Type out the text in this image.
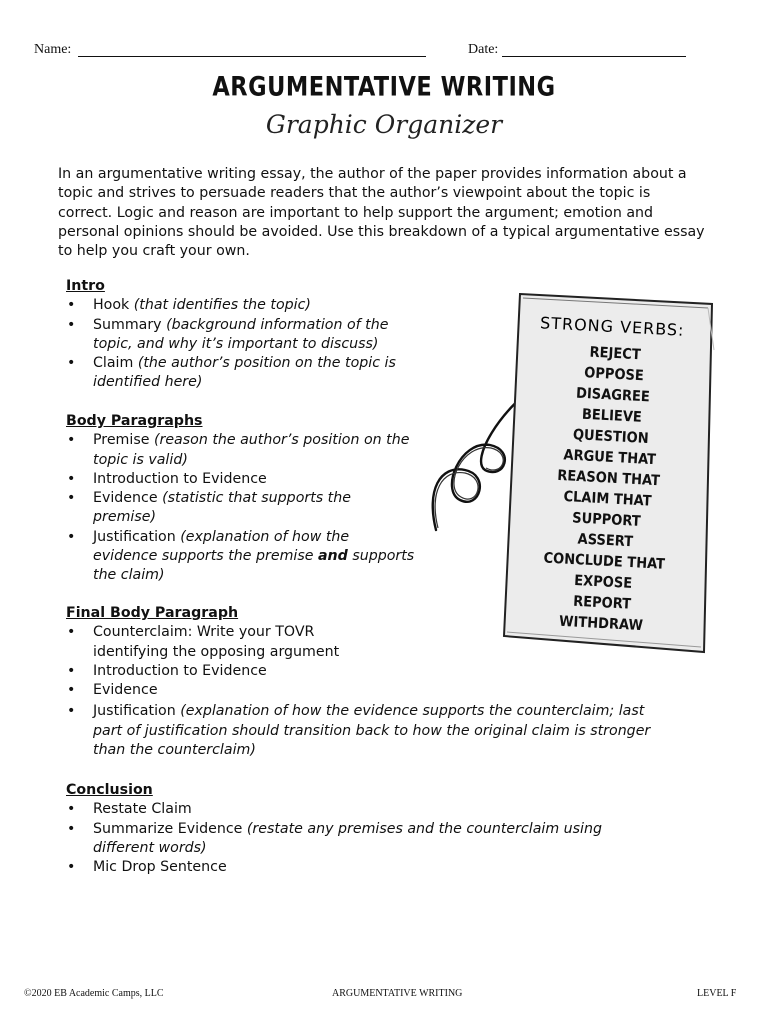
Name:	Date:
ARGUMENTATIVE WRITING
Graphic Organizer
In an argumentative writing essay, the author of the paper provides information about a topic and strives to persuade readers that the author’s viewpoint about the topic is correct. Logic and reason are important to help support the argument; emotion and personal opinions should be avoided. Use this breakdown of a typical argumentative essay to help you craft your own.
Intro
• Hook (that identifies the topic)
• Summary (background information of the topic, and why it’s important to discuss)
• Claim (the author’s position on the topic is identified here)
Body Paragraphs
• Premise (reason the author’s position on the topic is valid)
• Introduction to Evidence
• Evidence (statistic that supports the premise)
• Justification (explanation of how the evidence supports the premise and supports the claim)
Final Body Paragraph
• Counterclaim: Write your TOVR identifying the opposing argument
• Introduction to Evidence
• Evidence
• Justification (explanation of how the evidence supports the counterclaim; last part of justification should transition back to how the original claim is stronger than the counterclaim)
Conclusion
• Restate Claim
• Summarize Evidence (restate any premises and the counterclaim using different words)
• Mic Drop Sentence
STRONG VERBS:
REJECT
OPPOSE
DISAGREE
BELIEVE
QUESTION
ARGUE THAT
REASON THAT
CLAIM THAT
SUPPORT
ASSERT
CONCLUDE THAT
EXPOSE
REPORT
WITHDRAW
©2020 EB Academic Camps, LLC	ARGUMENTATIVE WRITING	LEVEL F
